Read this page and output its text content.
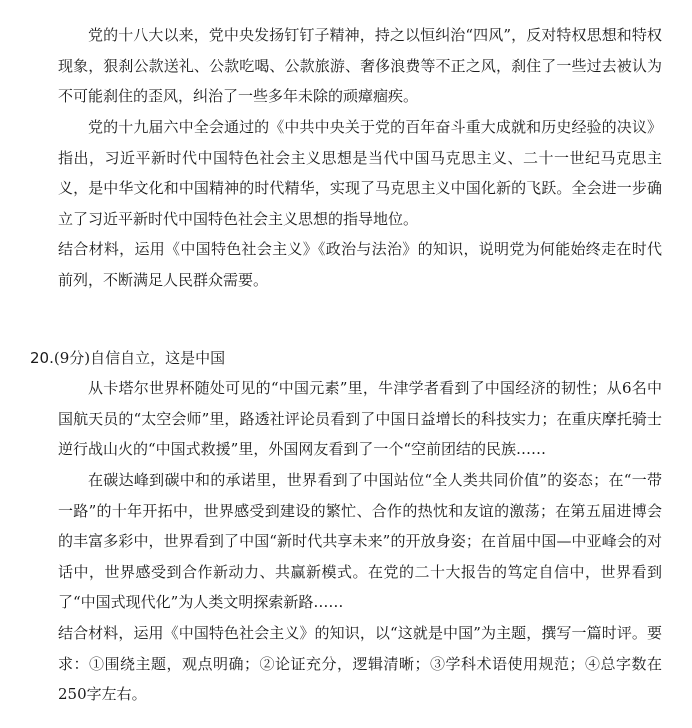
党的十八大以来，党中央发扬钉钉子精神，持之以恒纠治“四风”，反对特权思想和特权现象，狠刹公款送礼、公款吃喝、公款旅游、奢侈浪费等不正之风，刹住了一些过去被认为不可能刹住的歪风，纠治了一些多年未除的顽瘴痼疾。

党的十九届六中全会通过的《中共中央关于党的百年奋斗重大成就和历史经验的决议》指出，习近平新时代中国特色社会主义思想是当代中国马克思主义、二十一世纪马克思主义，是中华文化和中国精神的时代精华，实现了马克思主义中国化新的飞跃。全会进一步确立了习近平新时代中国特色社会主义思想的指导地位。

结合材料，运用《中国特色社会主义》《政治与法治》的知识，说明党为何能始终走在时代前列，不断满足人民群众需要。

20.(9分)自信自立，这是中国

从卡塔尔世界杯随处可见的“中国元素”里，牛津学者看到了中国经济的韧性；从6名中国航天员的“太空会师”里，路透社评论员看到了中国日益增长的科技实力；在重庆摩托骑士逆行战山火的“中国式救援”里，外国网友看到了一个“空前团结的民族……

在碳达峰到碳中和的承诺里，世界看到了中国站位“全人类共同价值”的姿态；在“一带一路”的十年开拓中，世界感受到建设的繁忙、合作的热忱和友谊的激荡；在第五届进博会的丰富多彩中，世界看到了中国“新时代共享未来”的开放身姿；在首届中国—中亚峰会的对话中，世界感受到合作新动力、共赢新模式。在党的二十大报告的笃定自信中，世界看到了“中国式现代化”为人类文明探索新路……

结合材料，运用《中国特色社会主义》的知识，以“这就是中国”为主题，撰写一篇时评。要求：①围绕主题，观点明确；②论证充分，逻辑清晰；③学科术语使用规范；④总字数在250字左右。
